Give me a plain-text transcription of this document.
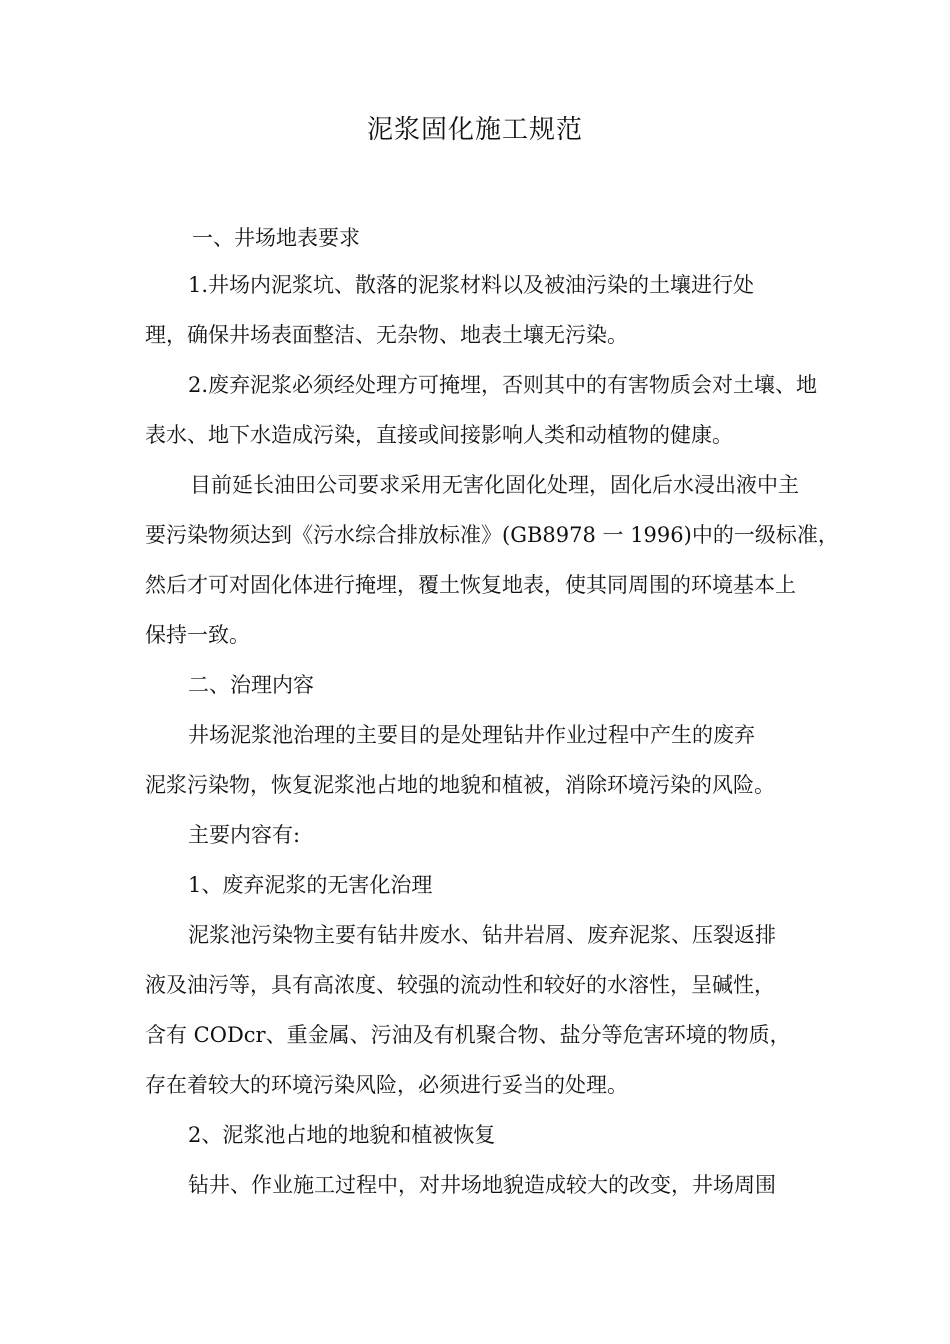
泥浆固化施工规范
一、井场地表要求
1.井场内泥浆坑、散落的泥浆材料以及被油污染的土壤进行处
理，确保井场表面整洁、无杂物、地表土壤无污染。
2.废弃泥浆必须经处理方可掩埋，否则其中的有害物质会对土壤、地
表水、地下水造成污染，直接或间接影响人类和动植物的健康。
目前延长油田公司要求采用无害化固化处理，固化后水浸出液中主
要污染物须达到《污水综合排放标准》(GB8978 一 1996)中的一级标准，
然后才可对固化体进行掩埋，覆土恢复地表，使其同周围的环境基本上
保持一致。
二、治理内容
井场泥浆池治理的主要目的是处理钻井作业过程中产生的废弃
泥浆污染物，恢复泥浆池占地的地貌和植被，消除环境污染的风险。
主要内容有:
1、废弃泥浆的无害化治理
泥浆池污染物主要有钻井废水、钻井岩屑、废弃泥浆、压裂返排
液及油污等，具有高浓度、较强的流动性和较好的水溶性，呈碱性，
含有 CODcr、重金属、污油及有机聚合物、盐分等危害环境的物质，
存在着较大的环境污染风险，必须进行妥当的处理。
2、泥浆池占地的地貌和植被恢复
钻井、作业施工过程中，对井场地貌造成较大的改变，井场周围
